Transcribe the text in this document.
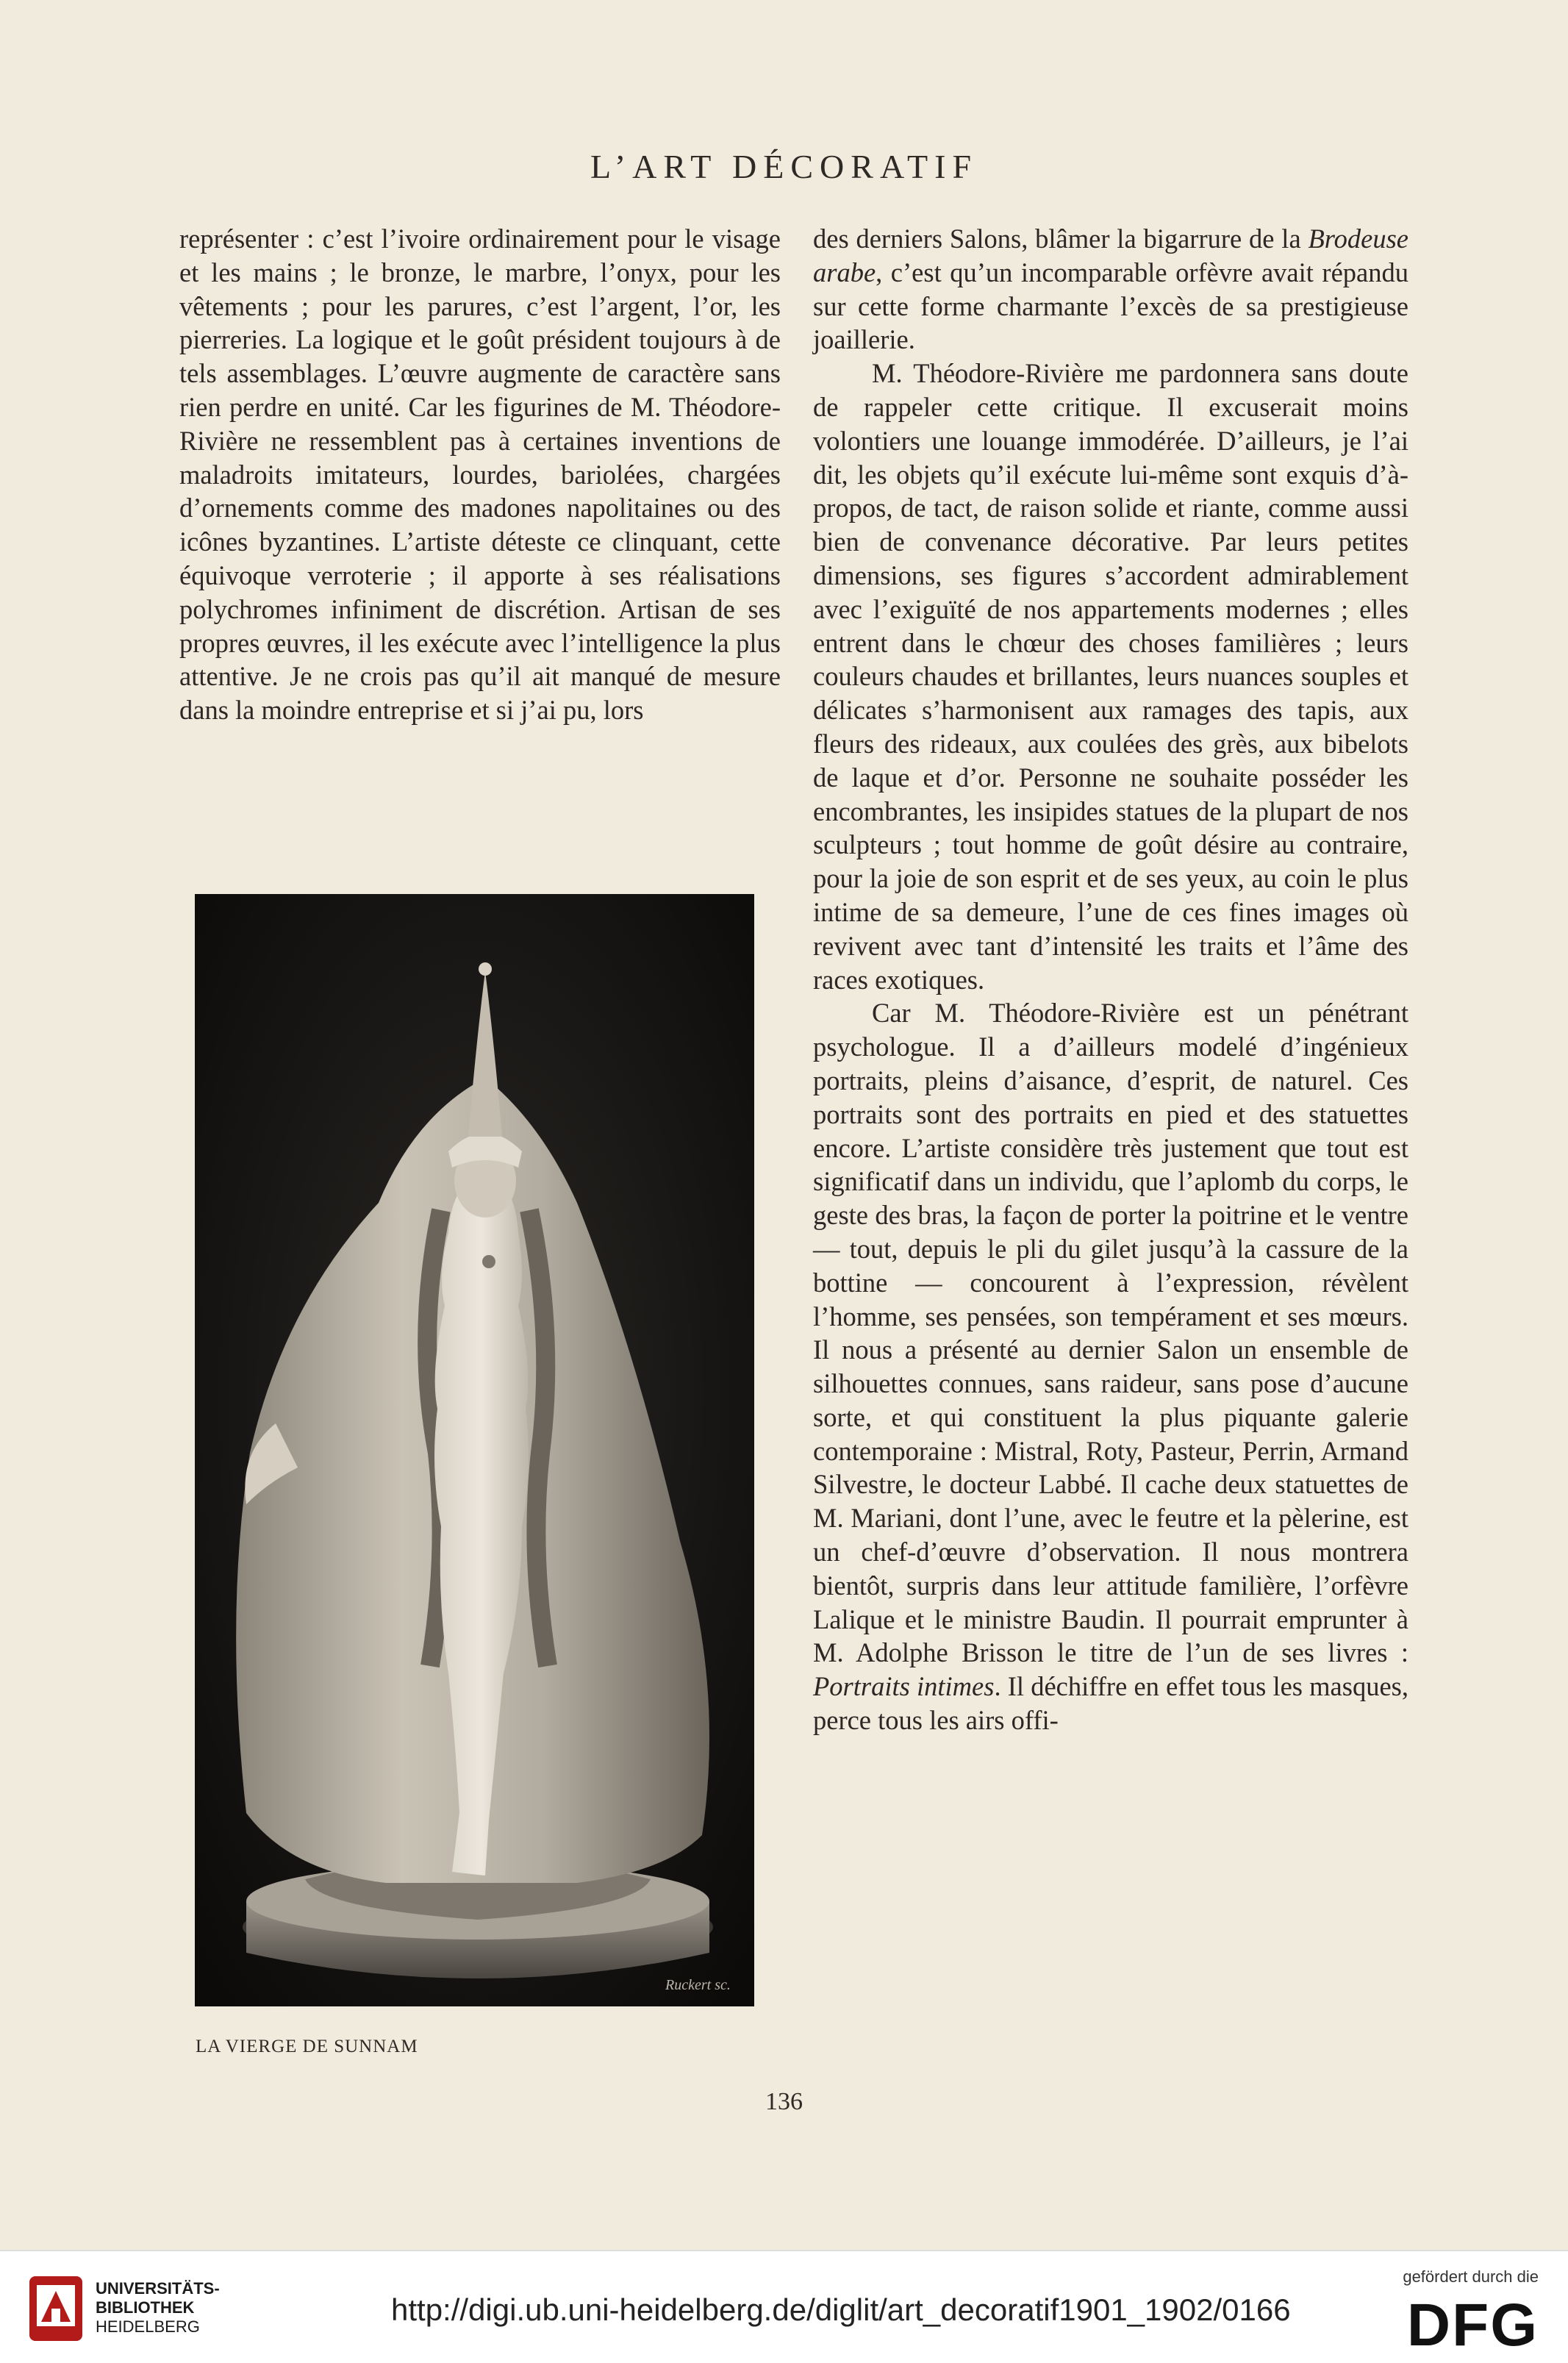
L’ART DÉCORATIF

représenter : c’est l’ivoire ordinairement pour le visage et les mains ; le bronze, le marbre, l’onyx, pour les vêtements ; pour les parures, c’est l’argent, l’or, les pierreries. La logique et le goût président toujours à de tels assemblages. L’œuvre augmente de caractère sans rien perdre en unité. Car les figurines de M. Théodore-Rivière ne ressemblent pas à certaines inventions de maladroits imitateurs, lourdes, bariolées, chargées d’ornements comme des madones napolitaines ou des icônes byzantines. L’artiste déteste ce clinquant, cette équivoque verroterie ; il apporte à ses réalisations polychromes infiniment de discrétion. Artisan de ses propres œuvres, il les exécute avec l’intelligence la plus attentive. Je ne crois pas qu’il ait manqué de mesure dans la moindre entreprise et si j’ai pu, lors

des derniers Salons, blâmer la bigarrure de la Brodeuse arabe, c’est qu’un incomparable orfèvre avait répandu sur cette forme charmante l’excès de sa prestigieuse joaillerie.

M. Théodore-Rivière me pardonnera sans doute de rappeler cette critique. Il excuserait moins volontiers une louange immodérée. D’ailleurs, je l’ai dit, les objets qu’il exécute lui-même sont exquis d’à-propos, de tact, de raison solide et riante, comme aussi bien de convenance décorative. Par leurs petites dimensions, ses figures s’accordent admirablement avec l’exiguïté de nos appartements modernes ; elles entrent dans le chœur des choses familières ; leurs couleurs chaudes et brillantes, leurs nuances souples et délicates s’harmonisent aux ramages des tapis, aux fleurs des rideaux, aux coulées des grès, aux bibelots de laque et d’or. Personne ne souhaite posséder les encombrantes, les insipides statues de la plupart de nos sculpteurs ; tout homme de goût désire au contraire, pour la joie de son esprit et de ses yeux, au coin le plus intime de sa demeure, l’une de ces fines images où revivent avec tant d’intensité les traits et l’âme des races exotiques.

Car M. Théodore-Rivière est un pénétrant psychologue. Il a d’ailleurs modelé d’ingénieux portraits, pleins d’aisance, d’esprit, de naturel. Ces portraits sont des portraits en pied et des statuettes encore. L’artiste considère très justement que tout est significatif dans un individu, que l’aplomb du corps, le geste des bras, la façon de porter la poitrine et le ventre — tout, depuis le pli du gilet jusqu’à la cassure de la bottine — concourent à l’expression, révèlent l’homme, ses pensées, son tempérament et ses mœurs. Il nous a présenté au dernier Salon un ensemble de silhouettes connues, sans raideur, sans pose d’aucune sorte, et qui constituent la plus piquante galerie contemporaine : Mistral, Roty, Pasteur, Perrin, Armand Silvestre, le docteur Labbé. Il cache deux statuettes de M. Mariani, dont l’une, avec le feutre et la pèlerine, est un chef-d’œuvre d’observation. Il nous montrera bientôt, surpris dans leur attitude familière, l’orfèvre Lalique et le ministre Baudin. Il pourrait emprunter à M. Adolphe Brisson le titre de l’un de ses livres : Portraits intimes. Il déchiffre en effet tous les masques, perce tous les airs offi-

Ruckert sc.
LA VIERGE DE SUNNAM
136
UNIVERSITÄTS-
BIBLIOTHEK
HEIDELBERG	http://digi.ub.uni-heidelberg.de/diglit/art_decoratif1901_1902/0166
gefördert durch die
DFG
